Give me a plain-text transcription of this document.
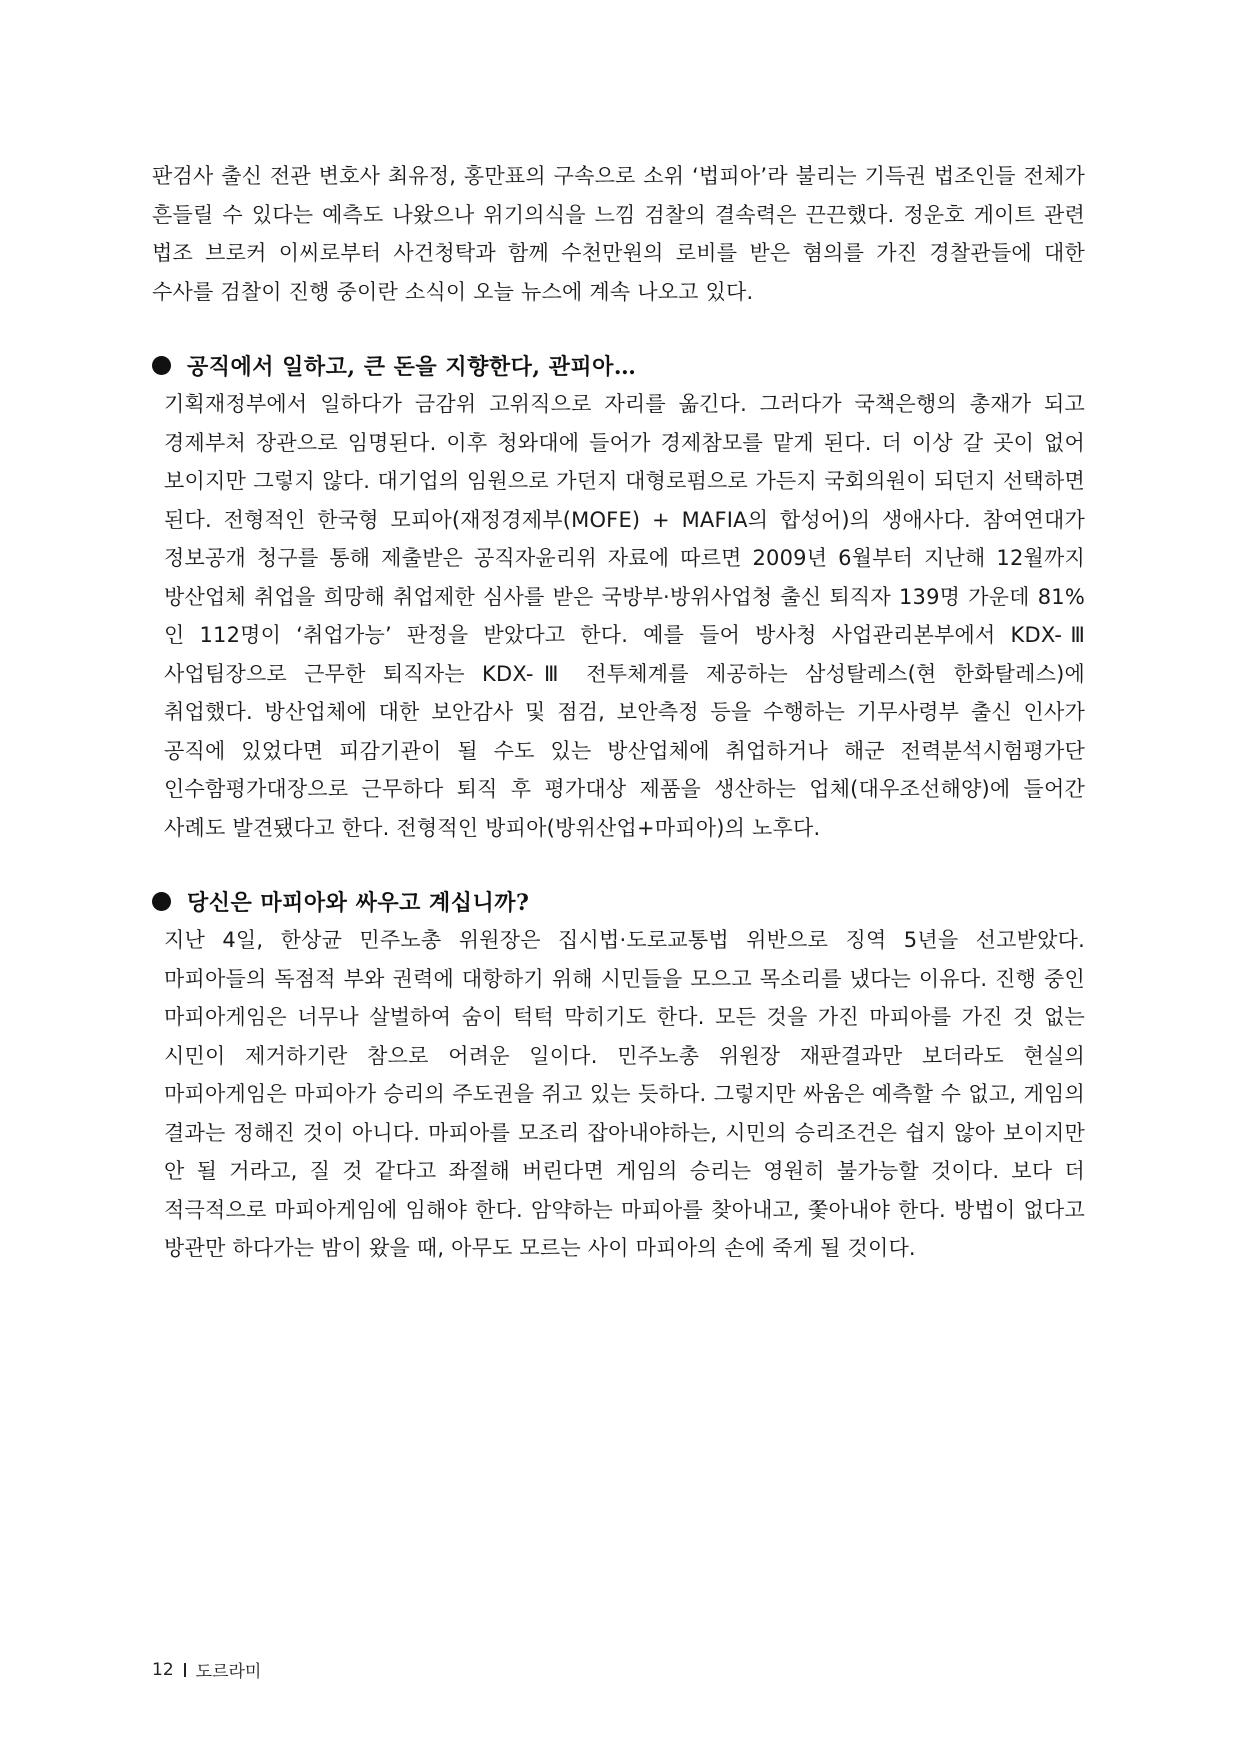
판검사 출신 전관 변호사 최유정, 홍만표의 구속으로 소위 ‘법피아’라 불리는 기득권 법조인들 전체가 흔들릴 수 있다는 예측도 나왔으나 위기의식을 느낌 검찰의 결속력은 끈끈했다. 정운호 게이트 관련 법조 브로커 이씨로부터 사건청탁과 함께 수천만원의 로비를 받은 혐의를 가진 경찰관들에 대한 수사를 검찰이 진행 중이란 소식이 오늘 뉴스에 계속 나오고 있다.

공직에서 일하고, 큰 돈을 지향한다, 관피아…

기획재정부에서 일하다가 금감위 고위직으로 자리를 옮긴다. 그러다가 국책은행의 총재가 되고 경제부처 장관으로 임명된다. 이후 청와대에 들어가 경제참모를 맡게 된다. 더 이상 갈 곳이 없어 보이지만 그렇지 않다. 대기업의 임원으로 가던지 대형로펌으로 가든지 국회의원이 되던지 선택하면 된다. 전형적인 한국형 모피아(재정경제부(MOFE) + MAFIA의 합성어)의 생애사다. 참여연대가 정보공개 청구를 통해 제출받은 공직자윤리위 자료에 따르면 2009년 6월부터 지난해 12월까지 방산업체 취업을 희망해 취업제한 심사를 받은 국방부·방위사업청 출신 퇴직자 139명 가운데 81%인 112명이 ‘취업가능’ 판정을 받았다고 한다. 예를 들어 방사청 사업관리본부에서 KDX-Ⅲ 사업팀장으로 근무한 퇴직자는 KDX-Ⅲ 전투체계를 제공하는 삼성탈레스(현 한화탈레스)에 취업했다. 방산업체에 대한 보안감사 및 점검, 보안측정 등을 수행하는 기무사령부 출신 인사가 공직에 있었다면 피감기관이 될 수도 있는 방산업체에 취업하거나 해군 전력분석시험평가단 인수함평가대장으로 근무하다 퇴직 후 평가대상 제품을 생산하는 업체(대우조선해양)에 들어간 사례도 발견됐다고 한다. 전형적인 방피아(방위산업+마피아)의 노후다.

당신은 마피아와 싸우고 계십니까?

지난 4일, 한상균 민주노총 위원장은 집시법·도로교통법 위반으로 징역 5년을 선고받았다. 마피아들의 독점적 부와 권력에 대항하기 위해 시민들을 모으고 목소리를 냈다는 이유다. 진행 중인 마피아게임은 너무나 살벌하여 숨이 턱턱 막히기도 한다. 모든 것을 가진 마피아를 가진 것 없는 시민이 제거하기란 참으로 어려운 일이다. 민주노총 위원장 재판결과만 보더라도 현실의 마피아게임은 마피아가 승리의 주도권을 쥐고 있는 듯하다. 그렇지만 싸움은 예측할 수 없고, 게임의 결과는 정해진 것이 아니다. 마피아를 모조리 잡아내야하는, 시민의 승리조건은 쉽지 않아 보이지만 안 될 거라고, 질 것 같다고 좌절해 버린다면 게임의 승리는 영원히 불가능할 것이다. 보다 더 적극적으로 마피아게임에 임해야 한다. 암약하는 마피아를 찾아내고, 쫓아내야 한다. 방법이 없다고 방관만 하다가는 밤이 왔을 때, 아무도 모르는 사이 마피아의 손에 죽게 될 것이다.

12 도르라미
